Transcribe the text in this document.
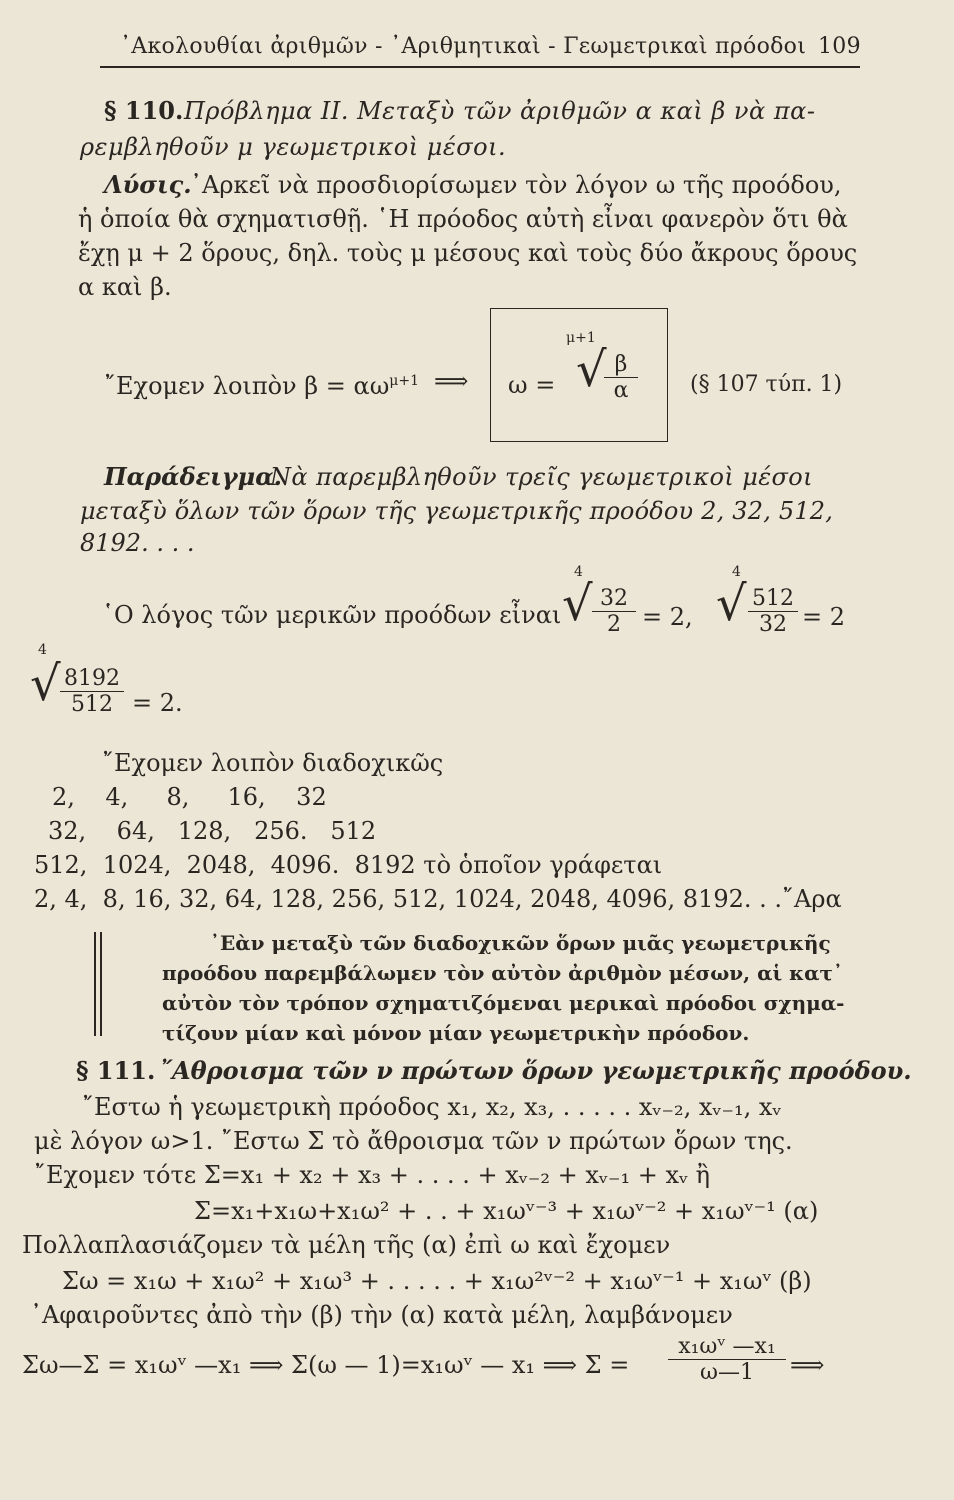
᾿Ακολουθίαι ἀριθμῶν - ᾿Αριθμητικαὶ - Γεωμετρικαὶ πρόοδοι 109
§ 110. Πρόβλημα ΙΙ. Μεταξὺ τῶν ἀριθμῶν α καὶ β νὰ πα-
ρεμβληθοῦν μ γεωμετρικοὶ μέσοι.
Λύσις.
᾿Αρκεῖ νὰ προσδιορίσωμεν τὸν λόγον ω τῆς προόδου,
ἡ ὁποία θὰ σχηματισθῇ. ῾Η πρόοδος αὐτὴ εἶναι φανερὸν ὅτι θὰ
ἔχῃ μ + 2 ὅρους, δηλ. τοὺς μ μέσους καὶ τοὺς δύο ἄκρους ὅρους
α καὶ β.
῎Εχομεν λοιπὸν $\beta = \alpha\omega^{\mu+1}$ ⟹ ω =
μ+1
√
$\frac{\beta}{\alpha}$ (§ 107 τύπ. 1)
Παράδειγμα.
Νὰ παρεμβληθοῦν τρεῖς γεωμετρικοὶ μέσοι
μεταξὺ ὅλων τῶν ὅρων τῆς γεωμετρικῆς προόδου 2, 32, 512,
8192. . . .
῾Ο λόγος τῶν μερικῶν προόδων εἶναι
4
√ $\frac{32}{2} = 2$,
4
√ $\frac{512}{32} = 2$
4
√ $\frac{8192}{512} = 2$.
῎Εχομεν λοιπὸν διαδοχικῶς
2,    4,     8,     16,    32
32,    64,   128,   256.   512
512,  1024,  2048,  4096.  8192 τὸ ὁποῖον γράφεται
2, 4,  8, 16, 32, 64, 128, 256, 512, 1024, 2048, 4096, 8192. . .῎Αρα
᾿Εὰν μεταξὺ τῶν διαδοχικῶν ὅρων μιᾶς γεωμετρικῆς
προόδου παρεμβάλωμεν τὸν αὐτὸν ἀριθμὸν μέσων, αἱ κατ᾿
αὐτὸν τὸν τρόπον σχηματιζόμεναι μερικαὶ πρόοδοι σχημα-
τίζουν μίαν καὶ μόνον μίαν γεωμετρικὴν πρόοδον.
§ 111. ῎Αθροισμα τῶν ν πρώτων ὅρων γεωμετρικῆς προόδου.
῎Εστω ἡ γεωμετρικὴ πρόοδος x₁, x₂, x₃, . . . . . xᵥ₋₂, xᵥ₋₁, xᵥ
μὲ λόγον ω>1. ῎Εστω Σ τὸ ἄθροισμα τῶν ν πρώτων ὅρων της.
῎Εχομεν τότε Σ=x₁ + x₂ + x₃ + . . . . + xᵥ₋₂ + xᵥ₋₁ + xᵥ ἢ
Σ=x₁+x₁ω+x₁ω² + . . + x₁ωᵛ⁻³ + x₁ωᵛ⁻² + x₁ωᵛ⁻¹ (α)
Πολλαπλασιάζομεν τὰ μέλη τῆς (α) ἐπὶ ω καὶ ἔχομεν
Σω = x₁ω + x₁ω² + x₁ω³ + . . . . . + x₁ω²ᵛ⁻² + x₁ωᵛ⁻¹ + x₁ωᵛ (β)
᾿Αφαιροῦντες ἀπὸ τὴν (β) τὴν (α) κατὰ μέλη, λαμβάνομεν
Σω—Σ = x₁ωᵛ —x₁ ⟹ Σ(ω — 1)=x₁ωᵛ — x₁ ⟹ $\Sigma = \frac{\text{x₁ωᵛ —x₁}}{\omega—1}$ ⟹
